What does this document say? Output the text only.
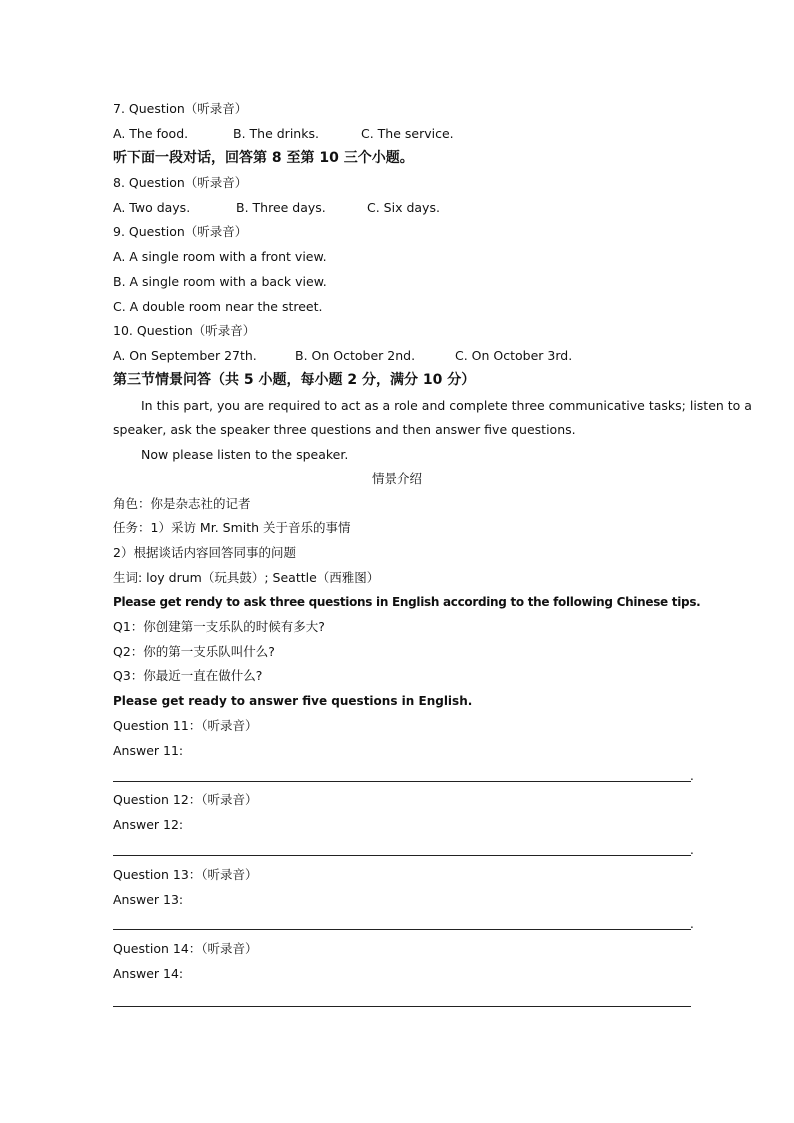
7. Question（听录音）
A. The food.	B. The drinks.	C. The service.
听下面一段对话，回答第 8 至第 10 三个小题。
8. Question（听录音）
A. Two days.	B. Three days.	C. Six days.
9. Question（听录音）
A. A single room with a front view.
B. A single room with a back view.
C. A double room near the street.
10. Question（听录音）
A. On September 27th.	B. On October 2nd.	C. On October 3rd.
第三节情景问答（共 5 小题，每小题 2 分，满分 10 分）
In this part, you are required to act as a role and complete three communicative tasks; listen to a
speaker, ask the speaker three questions and then answer five questions.
Now please listen to the speaker.
情景介绍
角色：你是杂志社的记者
任务：1）采访 Mr. Smith 关于音乐的事情
2）根据谈话内容回答同事的问题
生词: loy drum（玩具鼓）; Seattle（西雅图）
Please get rendy to ask three questions in English according to the following Chinese tips.
Q1：你创建第一支乐队的时候有多大?
Q2：你的第一支乐队叫什么?
Q3：你最近一直在做什么?
Please get ready to answer five questions in English.
Question 11：（听录音）
Answer 11:
.
Question 12：（听录音）
Answer 12:
.
Question 13：（听录音）
Answer 13:
.
Question 14：（听录音）
Answer 14:
